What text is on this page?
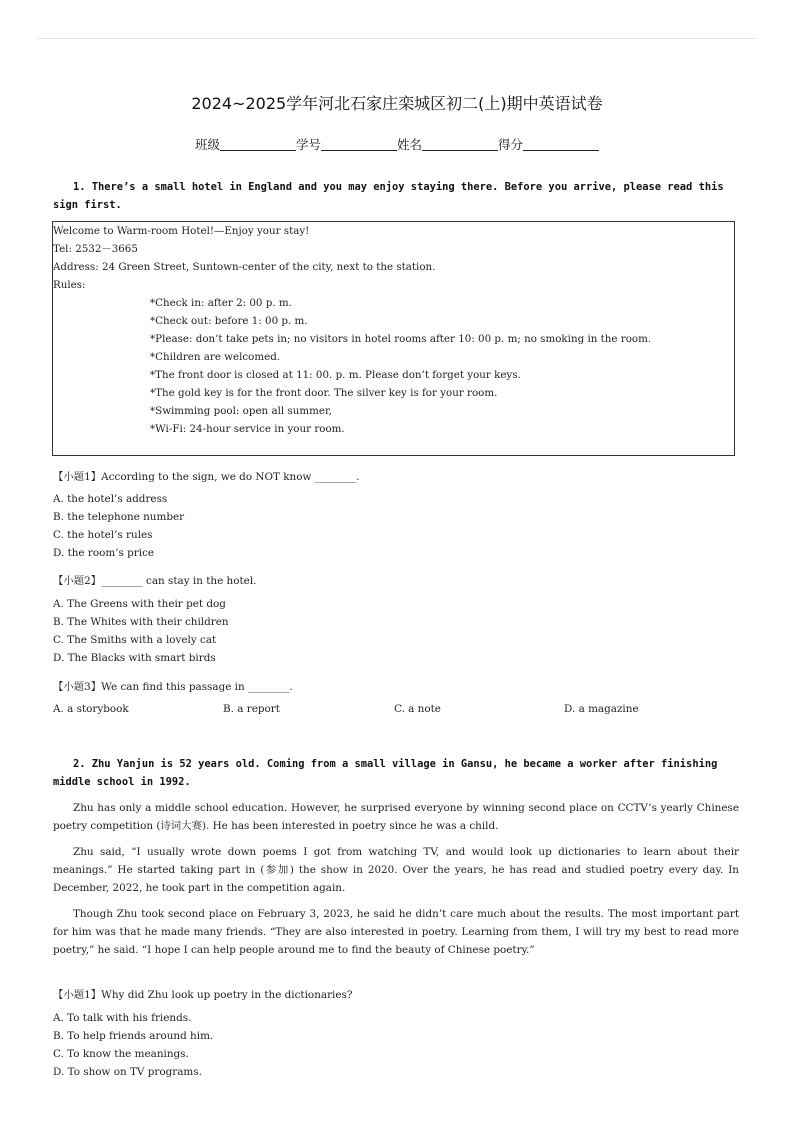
2024~2025学年河北石家庄栾城区初二(上)期中英语试卷
班级	学号	姓名	得分
1. There’s a small hotel in England and you may enjoy staying there. Before you arrive, please read this sign first.
Welcome to Warm-room Hotel!—Enjoy your stay!
Tel: 2532－3665
Address: 24 Green Street, Suntown-center of the city, next to the station.
Rules:
*Check in: after 2: 00 p. m.
*Check out: before 1: 00 p. m.
*Please: don’t take pets in; no visitors in hotel rooms after 10: 00 p. m; no smoking in the room.
*Children are welcomed.
*The front door is closed at 11: 00. p. m. Please don’t forget your keys.
*The gold key is for the front door. The silver key is for your room.
*Swimming pool: open all summer,
*Wi-Fi: 24-hour service in your room.
【小题1】According to the sign, we do NOT know ________.
A. the hotel’s address
B. the telephone number
C. the hotel’s rules
D. the room’s price
【小题2】________ can stay in the hotel.
A. The Greens with their pet dog
B. The Whites with their children
C. The Smiths with a lovely cat
D. The Blacks with smart birds
【小题3】We can find this passage in ________.
A. a storybook	B. a report	C. a note	D. a magazine
2. Zhu Yanjun is 52 years old. Coming from a small village in Gansu, he became a worker after finishing middle school in 1992.
Zhu has only a middle school education. However, he surprised everyone by winning second place on CCTV’s yearly Chinese poetry competition (诗词大赛). He has been interested in poetry since he was a child.
Zhu said, “I usually wrote down poems I got from watching TV, and would look up dictionaries to learn about their meanings.” He started taking part in (参加) the show in 2020. Over the years, he has read and studied poetry every day. In December, 2022, he took part in the competition again.
Though Zhu took second place on February 3, 2023, he said he didn’t care much about the results. The most important part for him was that he made many friends. “They are also interested in poetry. Learning from them, I will try my best to read more poetry,” he said. “I hope I can help people around me to find the beauty of Chinese poetry.”
【小题1】Why did Zhu look up poetry in the dictionaries?
A. To talk with his friends.
B. To help friends around him.
C. To know the meanings.
D. To show on TV programs.
